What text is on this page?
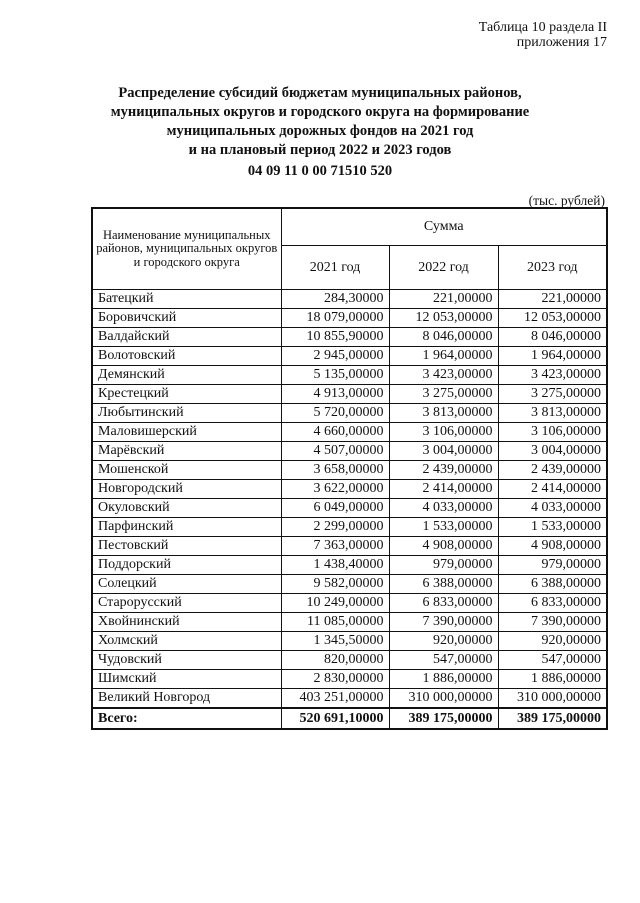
Таблица 10 раздела II
приложения 17
Распределение субсидий бюджетам муниципальных районов,
муниципальных округов и городского округа на формирование
муниципальных дорожных фондов на 2021 год
и на плановый период 2022 и 2023 годов
04 09 11 0 00 71510 520
(тыс. рублей)
Наименование муниципальных районов, муниципальных округов и городского округа	Сумма		
	2021 год	2022 год	2023 год
Батецкий	284,30000	221,00000	221,00000
Боровичский	18 079,00000	12 053,00000	12 053,00000
Валдайский	10 855,90000	8 046,00000	8 046,00000
Волотовский	2 945,00000	1 964,00000	1 964,00000
Демянский	5 135,00000	3 423,00000	3 423,00000
Крестецкий	4 913,00000	3 275,00000	3 275,00000
Любытинский	5 720,00000	3 813,00000	3 813,00000
Маловишерский	4 660,00000	3 106,00000	3 106,00000
Марёвский	4 507,00000	3 004,00000	3 004,00000
Мошенской	3 658,00000	2 439,00000	2 439,00000
Новгородский	3 622,00000	2 414,00000	2 414,00000
Окуловский	6 049,00000	4 033,00000	4 033,00000
Парфинский	2 299,00000	1 533,00000	1 533,00000
Пестовский	7 363,00000	4 908,00000	4 908,00000
Поддорский	1 438,40000	979,00000	979,00000
Солецкий	9 582,00000	6 388,00000	6 388,00000
Старорусский	10 249,00000	6 833,00000	6 833,00000
Хвойнинский	11 085,00000	7 390,00000	7 390,00000
Холмский	1 345,50000	920,00000	920,00000
Чудовский	820,00000	547,00000	547,00000
Шимский	2 830,00000	1 886,00000	1 886,00000
Великий Новгород	403 251,00000	310 000,00000	310 000,00000
Всего:	520 691,10000	389 175,00000	389 175,00000
